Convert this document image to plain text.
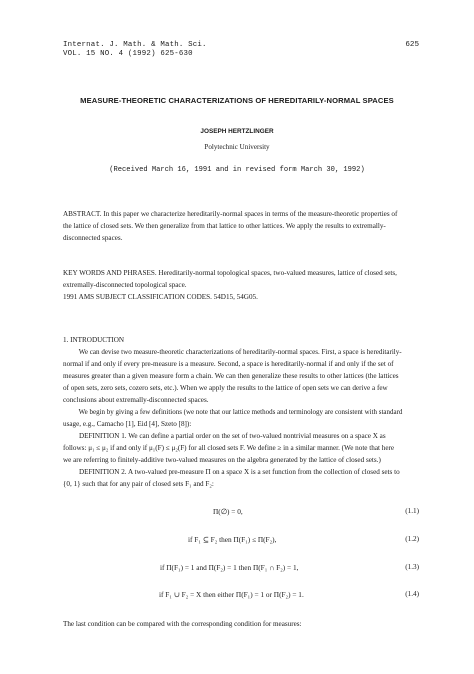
Internat. J. Math. & Math. Sci.
VOL. 15 NO. 4 (1992) 625-630
625
MEASURE-THEORETIC CHARACTERIZATIONS OF HEREDITARILY-NORMAL SPACES
JOSEPH HERTZLINGER
Polytechnic University
(Received March 16, 1991 and in revised form March 30, 1992)
ABSTRACT. In this paper we characterize hereditarily-normal spaces in terms of the measure-theoretic properties of
the lattice of closed sets. We then generalize from that lattice to other lattices. We apply the results to extremally-
disconnected spaces.
KEY WORDS AND PHRASES. Hereditarily-normal topological spaces, two-valued measures, lattice of closed sets,
extremally-disconnected topological space.
1991 AMS SUBJECT CLASSIFICATION CODES. 54D15, 54G05.
1. INTRODUCTION
We can devise two measure-theoretic characterizations of hereditarily-normal spaces. First, a space is hereditarily-
normal if and only if every pre-measure is a measure. Second, a space is hereditarily-normal if and only if the set of
measures greater than a given measure form a chain. We can then generalize these results to other lattices (the lattices
of open sets, zero sets, cozero sets, etc.). When we apply the results to the lattice of open sets we can derive a few
conclusions about extremally-disconnected spaces.
We begin by giving a few definitions (we note that our lattice methods and terminology are consistent with standard
usage, e.g., Camacho [1], Eid [4], Szeto [8]):
DEFINITION 1. We can define a partial order on the set of two-valued nontrivial measures on a space X as
follows: μ₁ ≤ μ₂ if and only if μ₁(F) ≤ μ₂(F) for all closed sets F. We define ≥ in a similar manner. (We note that here
we are referring to finitely-additive two-valued measures on the algebra generated by the lattice of closed sets.)
DEFINITION 2. A two-valued pre-measure Π on a space X is a set function from the collection of closed sets to
{0, 1} such that for any pair of closed sets F₁ and F₂:
Π(∅) = 0,	(1.1)
if F₁ ⊆ F₂ then Π(F₁) ≤ Π(F₂),	(1.2)
if Π(F₁) = 1 and Π(F₂) = 1 then Π(F₁ ∩ F₂) = 1,	(1.3)
if F₁ ∪ F₂ = X then either Π(F₁) = 1 or Π(F₂) = 1.	(1.4)
The last condition can be compared with the corresponding condition for measures:
